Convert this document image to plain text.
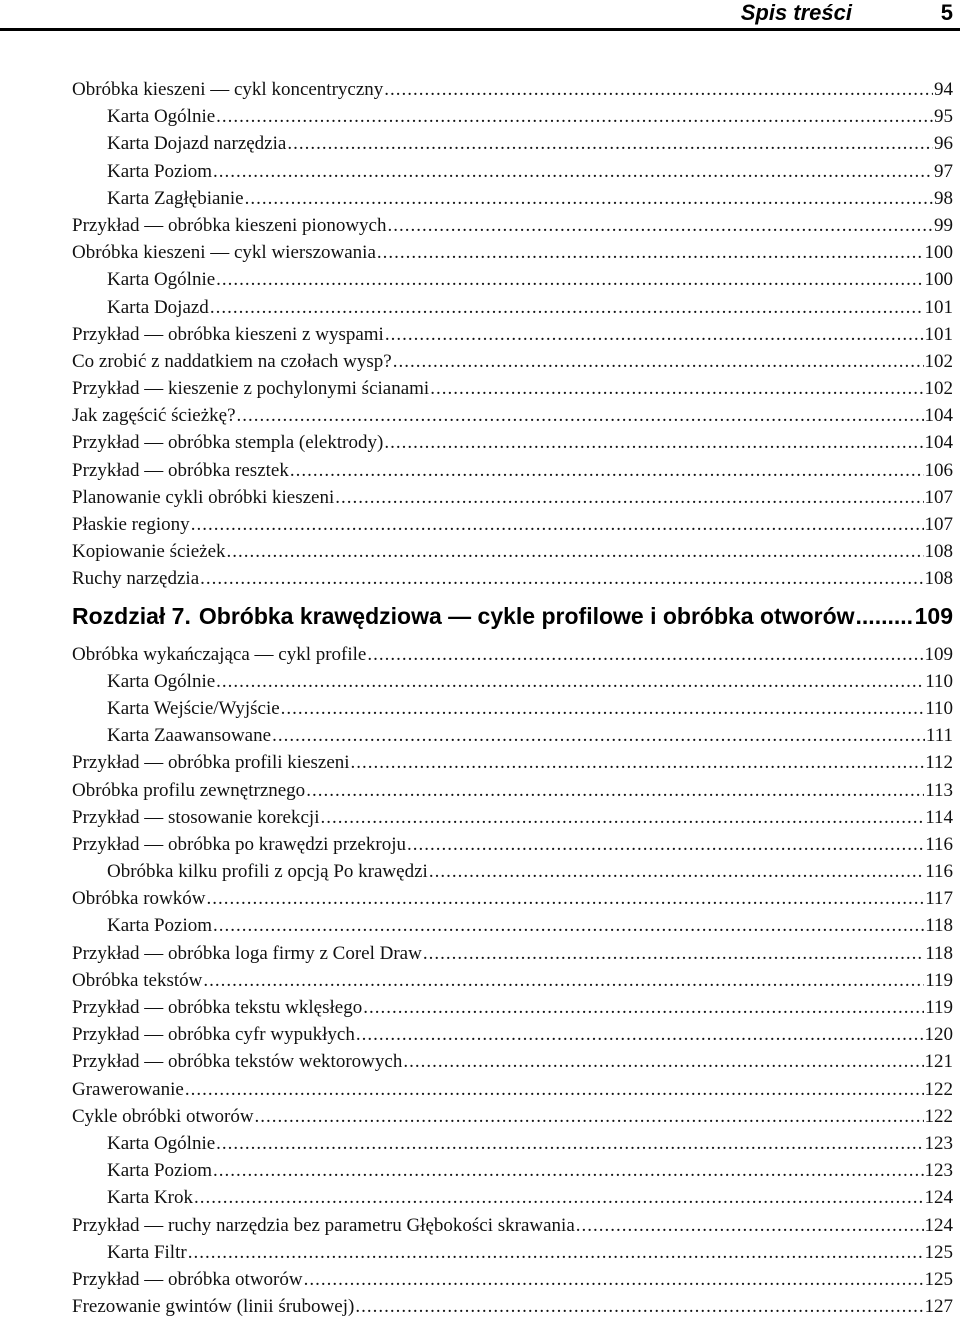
Spis treści	5
Obróbka kieszeni — cykl koncentryczny .....	94
Karta Ogólnie .....	95
Karta Dojazd narzędzia .....	96
Karta Poziom .....	97
Karta Zagłębianie .....	98
Przykład — obróbka kieszeni pionowych .....	99
Obróbka kieszeni — cykl wierszowania .....	100
Karta Ogólnie .....	100
Karta Dojazd .....	101
Przykład — obróbka kieszeni z wyspami .....	101
Co zrobić z naddatkiem na czołach wysp? .....	102
Przykład — kieszenie z pochylonymi ścianami .....	102
Jak zagęścić ścieżkę? .....	104
Przykład — obróbka stempla (elektrody) .....	104
Przykład — obróbka resztek .....	106
Planowanie cykli obróbki kieszeni .....	107
Płaskie regiony .....	107
Kopiowanie ścieżek .....	108
Ruchy narzędzia .....	108
Rozdział 7. Obróbka krawędziowa — cykle profilowe i obróbka otworów .....	109
Obróbka wykańczająca — cykl profile .....	109
Karta Ogólnie .....	110
Karta Wejście/Wyjście .....	110
Karta Zaawansowane .....	111
Przykład — obróbka profili kieszeni .....	112
Obróbka profilu zewnętrznego .....	113
Przykład — stosowanie korekcji .....	114
Przykład — obróbka po krawędzi przekroju .....	116
Obróbka kilku profili z opcją Po krawędzi .....	116
Obróbka rowków .....	117
Karta Poziom .....	118
Przykład — obróbka loga firmy z Corel Draw .....	118
Obróbka tekstów .....	119
Przykład — obróbka tekstu wklęsłego .....	119
Przykład — obróbka cyfr wypukłych .....	120
Przykład — obróbka tekstów wektorowych .....	121
Grawerowanie .....	122
Cykle obróbki otworów .....	122
Karta Ogólnie .....	123
Karta Poziom .....	123
Karta Krok .....	124
Przykład — ruchy narzędzia bez parametru Głębokości skrawania .....	124
Karta Filtr .....	125
Przykład — obróbka otworów .....	125
Frezowanie gwintów (linii śrubowej) .....	127
